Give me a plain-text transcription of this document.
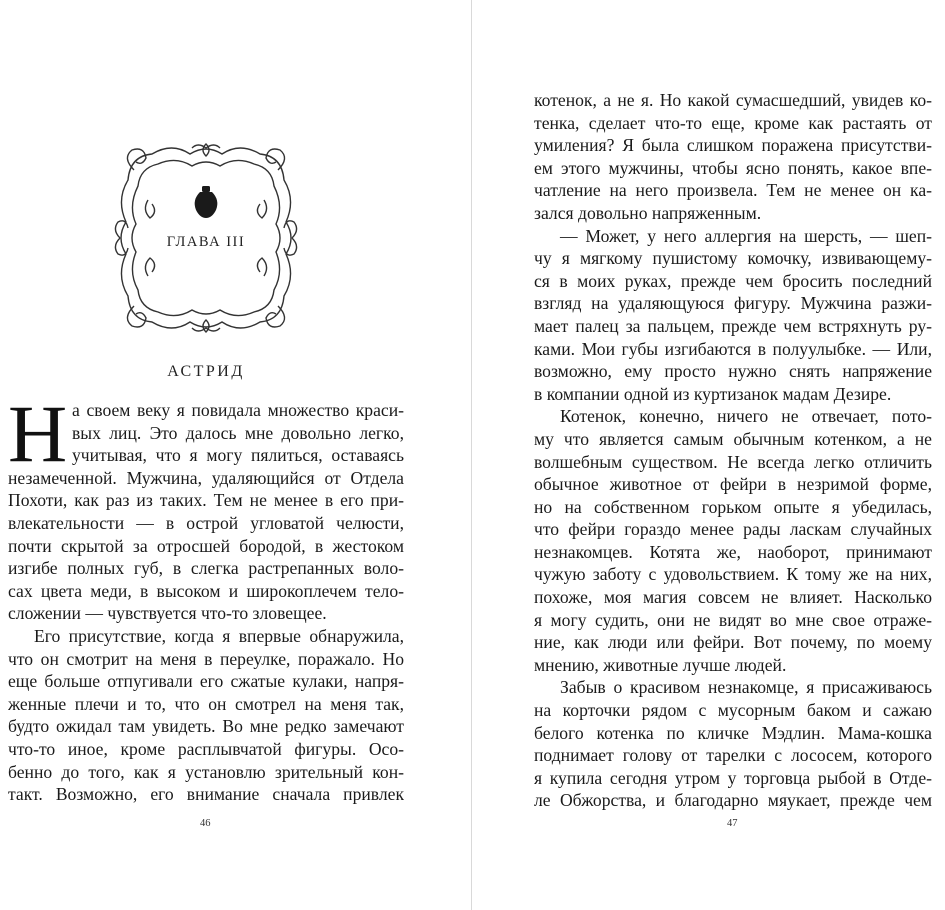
ГЛАВА III
АСТРИД
Н а своем веку я повидала множество краси-
вых лиц. Это далось мне довольно легко,
учитывая, что я могу пялиться, оставаясь
незамеченной. Мужчина, удаляющийся от Отдела
Похоти, как раз из таких. Тем не менее в его при-
влекательности — в острой угловатой челюсти,
почти скрытой за отросшей бородой, в жестоком
изгибе полных губ, в слегка растрепанных воло-
сах цвета меди, в высоком и широкоплечем тело-
сложении — чувствуется что-то зловещее.
Его присутствие, когда я впервые обнаружила,
что он смотрит на меня в переулке, поражало. Но
еще больше отпугивали его сжатые кулаки, напря-
женные плечи и то, что он смотрел на меня так,
будто ожидал там увидеть. Во мне редко замечают
что-то иное, кроме расплывчатой фигуры. Осо-
бенно до того, как я установлю зрительный кон-
такт. Возможно, его внимание сначала привлек
46	47
котенок, а не я. Но какой сумасшедший, увидев ко-
тенка, сделает что-то еще, кроме как растаять от
умиления? Я была слишком поражена присутстви-
ем этого мужчины, чтобы ясно понять, какое впе-
чатление на него произвела. Тем не менее он ка-
зался довольно напряженным.
— Может, у него аллергия на шерсть, — шеп-
чу я мягкому пушистому комочку, извивающему-
ся в моих руках, прежде чем бросить последний
взгляд на удаляющуюся фигуру. Мужчина разжи-
мает палец за пальцем, прежде чем встряхнуть ру-
ками. Мои губы изгибаются в полуулыбке. — Или,
возможно, ему просто нужно снять напряжение
в компании одной из куртизанок мадам Дезире.
Котенок, конечно, ничего не отвечает, пото-
му что является самым обычным котенком, а не
волшебным существом. Не всегда легко отличить
обычное животное от фейри в незримой форме,
но на собственном горьком опыте я убедилась,
что фейри гораздо менее рады ласкам случайных
незнакомцев. Котята же, наоборот, принимают
чужую заботу с удовольствием. К тому же на них,
похоже, моя магия совсем не влияет. Насколько
я могу судить, они не видят во мне свое отраже-
ние, как люди или фейри. Вот почему, по моему
мнению, животные лучше людей.
Забыв о красивом незнакомце, я присаживаюсь
на корточки рядом с мусорным баком и сажаю
белого котенка по кличке Мэдлин. Мама-кошка
поднимает голову от тарелки с лососем, которого
я купила сегодня утром у торговца рыбой в Отде-
ле Обжорства, и благодарно мяукает, прежде чем
